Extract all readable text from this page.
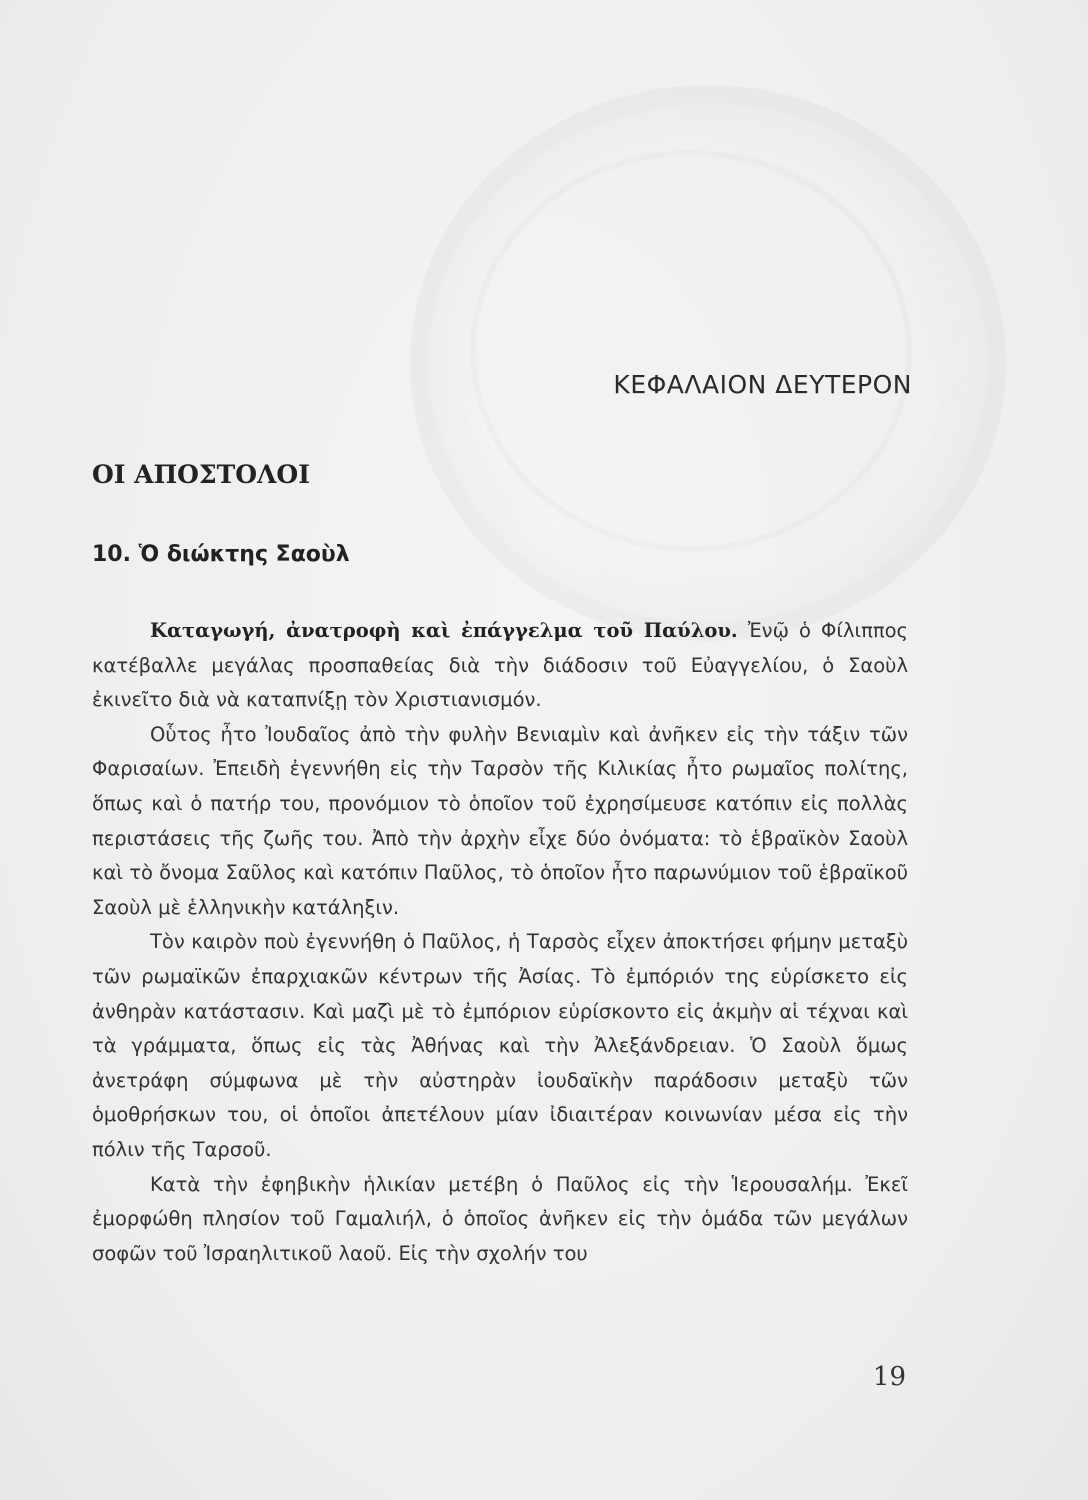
ΚΕΦΑΛΑΙΟΝ ΔΕΥΤΕΡΟΝ
ΟΙ ΑΠΟΣΤΟΛΟΙ
10. Ὁ διώκτης Σαοὺλ

Καταγωγή, ἀνατροφὴ καὶ ἐπάγγελμα τοῦ Παύλου. Ἐνῷ ὁ Φίλιππος κατέβαλλε μεγάλας προσπαθείας διὰ τὴν διάδοσιν τοῦ Εὐαγγελίου, ὁ Σαοὺλ ἐκινεῖτο διὰ νὰ καταπνίξῃ τὸν Χριστιανισμόν.

Οὗτος ἦτο Ἰουδαῖος ἀπὸ τὴν φυλὴν Βενιαμὶν καὶ ἀνῆκεν εἰς τὴν τάξιν τῶν Φαρισαίων. Ἐπειδὴ ἐγεννήθη εἰς τὴν Ταρσὸν τῆς Κιλικίας ἦτο ρωμαῖος πολίτης, ὅπως καὶ ὁ πατήρ του, προνόμιον τὸ ὁποῖον τοῦ ἐχρησίμευσε κατόπιν εἰς πολλὰς περιστάσεις τῆς ζωῆς του. Ἀπὸ τὴν ἀρχὴν εἶχε δύο ὀνόματα: τὸ ἑβραϊκὸν Σαοὺλ καὶ τὸ ὄνομα Σαῦλος καὶ κατόπιν Παῦλος, τὸ ὁποῖον ἦτο παρωνύμιον τοῦ ἑβραϊκοῦ Σαοὺλ μὲ ἑλληνικὴν κατάληξιν.

Τὸν καιρὸν ποὺ ἐγεννήθη ὁ Παῦλος, ἡ Ταρσὸς εἶχεν ἀποκτήσει φήμην μεταξὺ τῶν ρωμαϊκῶν ἐπαρχιακῶν κέντρων τῆς Ἀσίας. Τὸ ἐμπόριόν της εὑρίσκετο εἰς ἀνθηρὰν κατάστασιν. Καὶ μαζὶ μὲ τὸ ἐμπόριον εὑρίσκοντο εἰς ἀκμὴν αἱ τέχναι καὶ τὰ γράμματα, ὅπως εἰς τὰς Ἀθήνας καὶ τὴν Ἀλεξάνδρειαν. Ὁ Σαοὺλ ὅμως ἀνετράφη σύμφωνα μὲ τὴν αὐστηρὰν ἰουδαϊκὴν παράδοσιν μεταξὺ τῶν ὁμοθρήσκων του, οἱ ὁποῖοι ἀπετέλουν μίαν ἰδιαιτέραν κοινωνίαν μέσα εἰς τὴν πόλιν τῆς Ταρσοῦ.

Κατὰ τὴν ἐφηβικὴν ἡλικίαν μετέβη ὁ Παῦλος εἰς τὴν Ἱερουσαλήμ. Ἐκεῖ ἐμορφώθη πλησίον τοῦ Γαμαλιήλ, ὁ ὁποῖος ἀνῆκεν εἰς τὴν ὁμάδα τῶν μεγάλων σοφῶν τοῦ Ἰσραηλιτικοῦ λαοῦ. Εἰς τὴν σχολήν του

19
